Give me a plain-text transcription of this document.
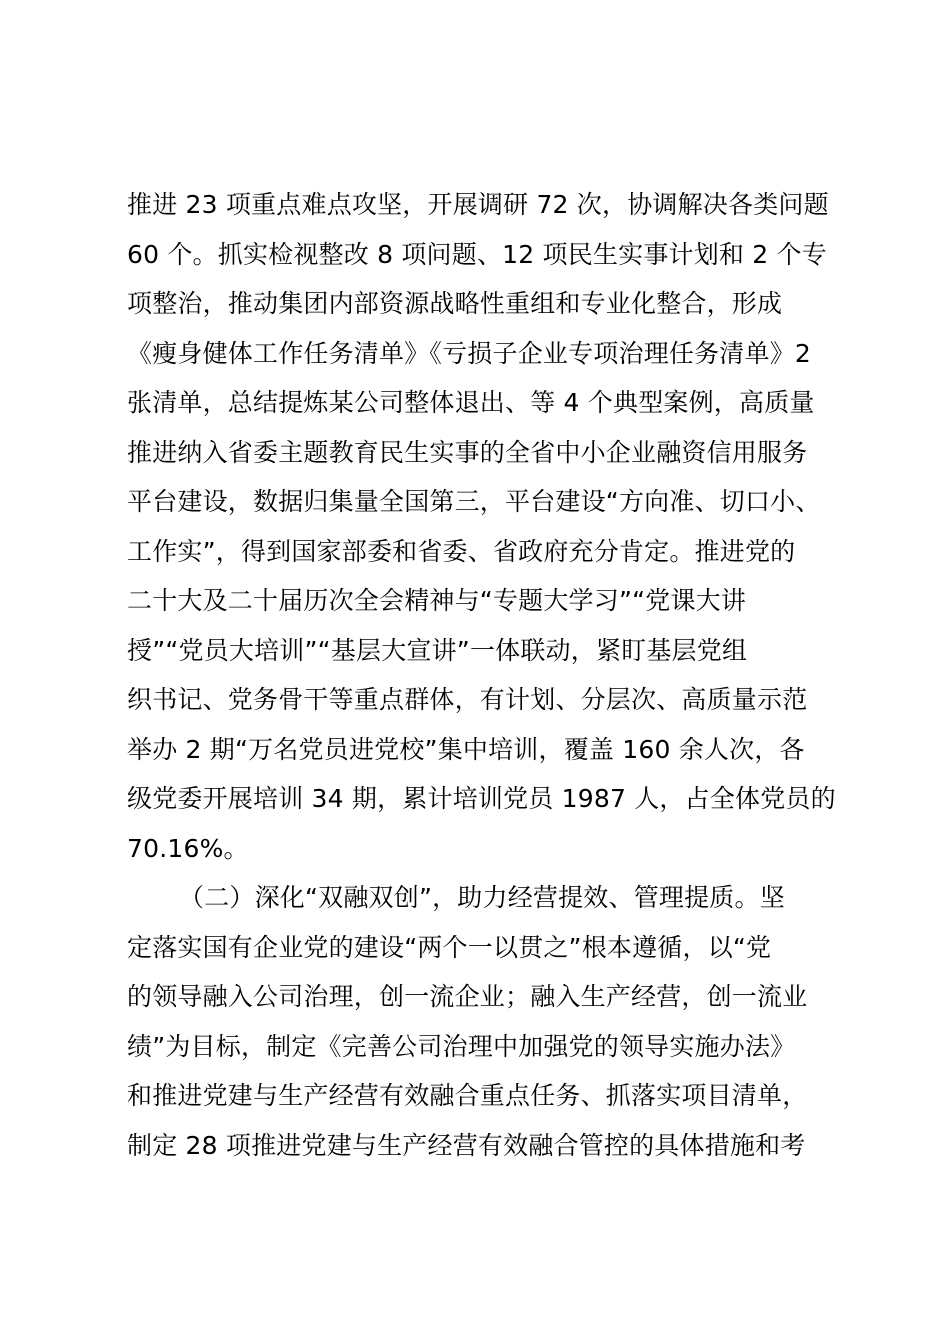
推进 23 项重点难点攻坚，开展调研 72 次，协调解决各类问题
60 个。抓实检视整改 8 项问题、12 项民生实事计划和 2 个专
项整治，推动集团内部资源战略性重组和专业化整合，形成
《瘦身健体工作任务清单》《亏损子企业专项治理任务清单》2
张清单，总结提炼某公司整体退出、等 4 个典型案例，高质量
推进纳入省委主题教育民生实事的全省中小企业融资信用服务
平台建设，数据归集量全国第三，平台建设“方向准、切口小、
工作实”，得到国家部委和省委、省政府充分肯定。推进党的
二十大及二十届历次全会精神与“专题大学习”“党课大讲
授”“党员大培训”“基层大宣讲”一体联动，紧盯基层党组
织书记、党务骨干等重点群体，有计划、分层次、高质量示范
举办 2 期“万名党员进党校”集中培训，覆盖 160 余人次，各
级党委开展培训 34 期，累计培训党员 1987 人，占全体党员的
70.16%。
（二）深化“双融双创”，助力经营提效、管理提质。坚
定落实国有企业党的建设“两个一以贯之”根本遵循，以“党
的领导融入公司治理，创一流企业；融入生产经营，创一流业
绩”为目标，制定《完善公司治理中加强党的领导实施办法》
和推进党建与生产经营有效融合重点任务、抓落实项目清单，
制定 28 项推进党建与生产经营有效融合管控的具体措施和考
